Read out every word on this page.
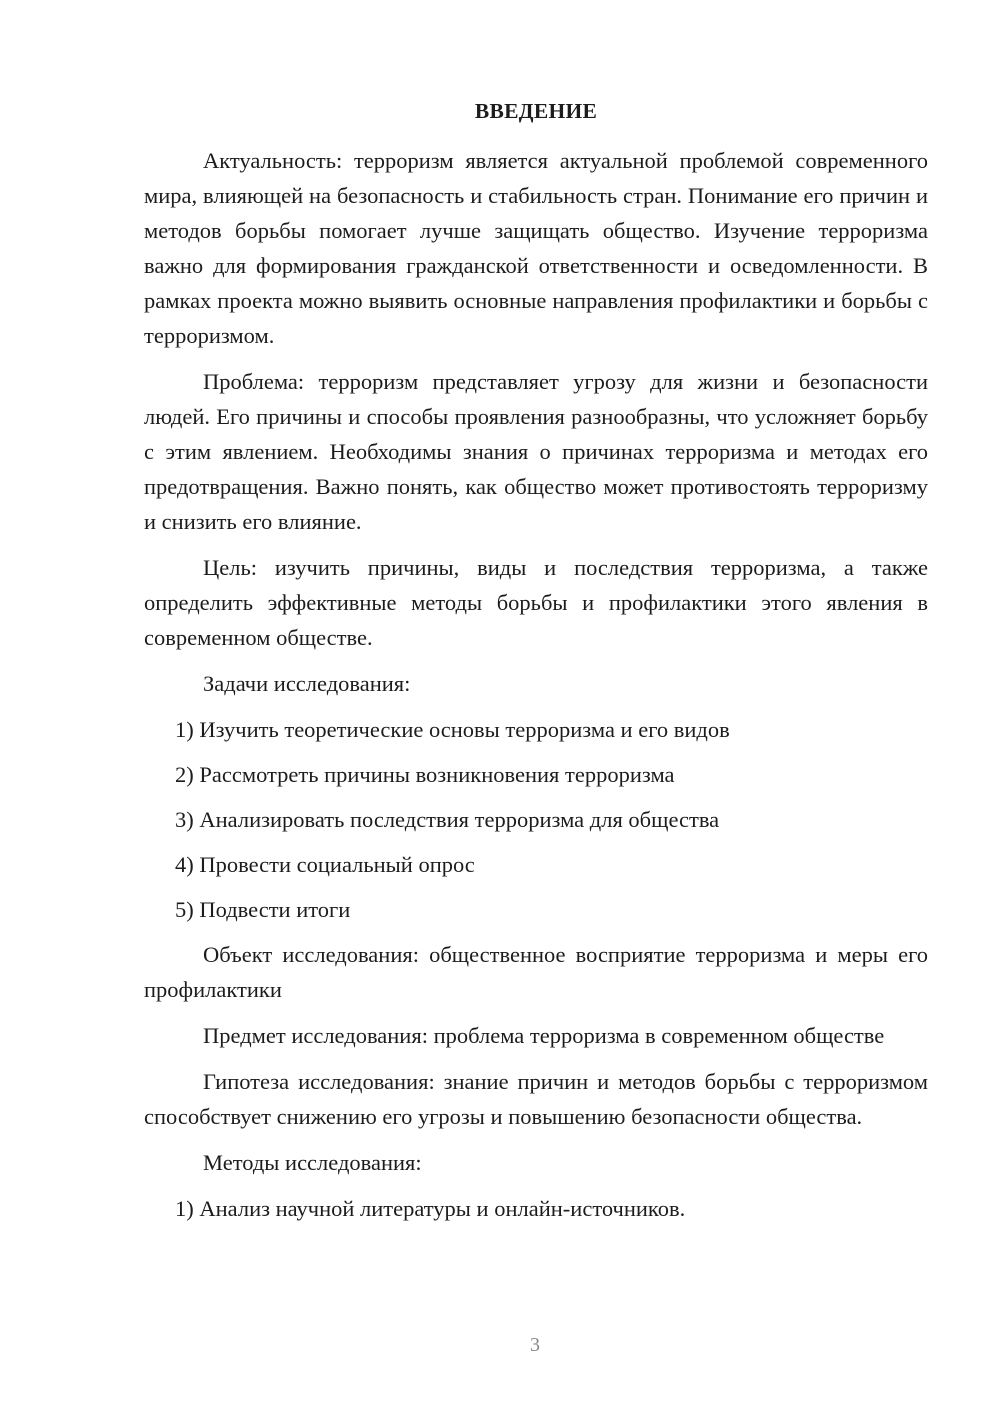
ВВЕДЕНИЕ

Актуальность: терроризм является актуальной проблемой современного мира, влияющей на безопасность и стабильность стран. Понимание его причин и методов борьбы помогает лучше защищать общество. Изучение терроризма важно для формирования гражданской ответственности и осведомленности. В рамках проекта можно выявить основные направления профилактики и борьбы с терроризмом.

Проблема: терроризм представляет угрозу для жизни и безопасности людей. Его причины и способы проявления разнообразны, что усложняет борьбу с этим явлением. Необходимы знания о причинах терроризма и методах его предотвращения. Важно понять, как общество может противостоять терроризму и снизить его влияние.

Цель: изучить причины, виды и последствия терроризма, а также определить эффективные методы борьбы и профилактики этого явления в современном обществе.

Задачи исследования:

1) Изучить теоретические основы терроризма и его видов

2) Рассмотреть причины возникновения терроризма

3) Анализировать последствия терроризма для общества

4) Провести социальный опрос

5) Подвести итоги

Объект исследования: общественное восприятие терроризма и меры его профилактики

Предмет исследования: проблема терроризма в современном обществе

Гипотеза исследования: знание причин и методов борьбы с терроризмом способствует снижению его угрозы и повышению безопасности общества.

Методы исследования:

1) Анализ научной литературы и онлайн-источников.

3
